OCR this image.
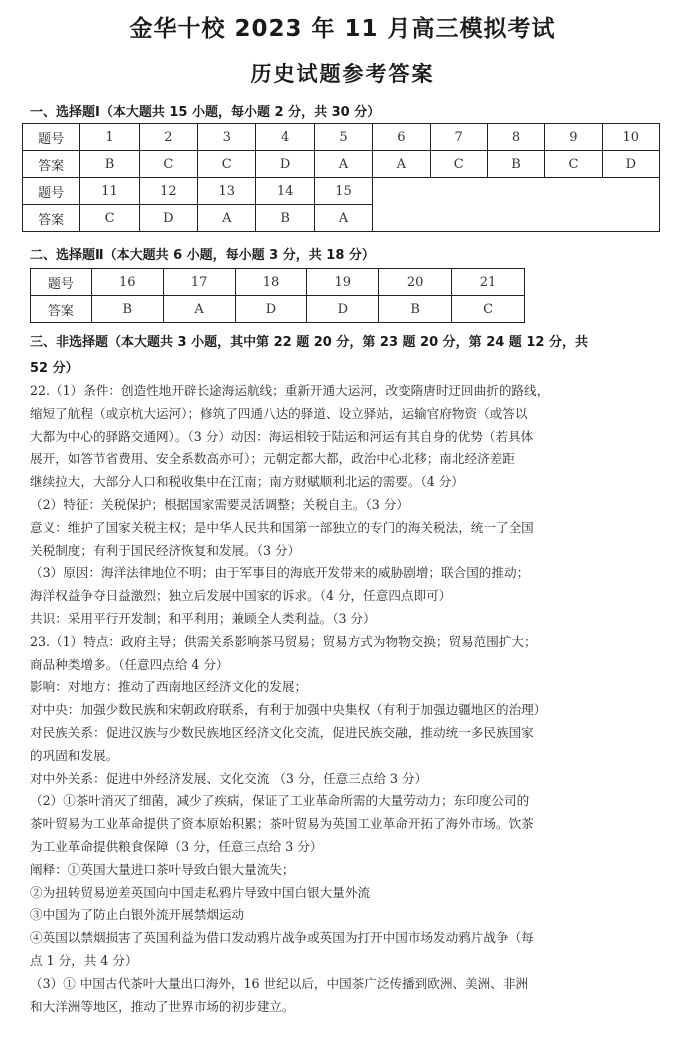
金华十校 2023 年 11 月高三模拟考试
历史试题参考答案
一、选择题Ⅰ（本大题共 15 小题，每小题 2 分，共 30 分）
题号	1	2	3	4	5	6	7	8	9	10
答案	B	C	C	D	A	A	C	B	C	D
题号	11	12	13	14	15					
答案	C	D	A	B	A					
二、选择题Ⅱ（本大题共 6 小题，每小题 3 分，共 18 分）
题号	16	17	18	19	20	21
答案	B	A	D	D	B	C
三、非选择题（本大题共 3 小题，其中第 22 题 20 分，第 23 题 20 分，第 24 题 12 分，共
52 分）

22.（1）条件：创造性地开辟长途海运航线；重新开通大运河，改变隋唐时迂回曲折的路线，

缩短了航程（或京杭大运河）；修筑了四通八达的驿道、设立驿站，运输官府物资（或答以

大都为中心的驿路交通网）。（3 分）动因：海运相较于陆运和河运有其自身的优势（若具体

展开，如答节省费用、安全系数高亦可）；元朝定都大都，政治中心北移；南北经济差距

继续拉大，大部分人口和税收集中在江南；南方财赋顺利北运的需要。（4 分）

（2）特征：关税保护；根据国家需要灵活调整；关税自主。（3 分）

意义：维护了国家关税主权；是中华人民共和国第一部独立的专门的海关税法，统一了全国

关税制度；有利于国民经济恢复和发展。（3 分）

（3）原因：海洋法律地位不明；由于军事目的海底开发带来的威胁剧增；联合国的推动；

海洋权益争夺日益激烈；独立后发展中国家的诉求。（4 分，任意四点即可）

共识：采用平行开发制；和平利用；兼顾全人类利益。（3 分）

23.（1）特点：政府主导；供需关系影响茶马贸易；贸易方式为物物交换；贸易范围扩大；

商品种类增多。（任意四点给 4 分）

影响：对地方：推动了西南地区经济文化的发展；

对中央：加强少数民族和宋朝政府联系，有利于加强中央集权（有利于加强边疆地区的治理）

对民族关系：促进汉族与少数民族地区经济文化交流，促进民族交融，推动统一多民族国家

的巩固和发展。

对中外关系：促进中外经济发展、文化交流 （3 分，任意三点给 3 分）

（2）①茶叶消灭了细菌，减少了疾病，保证了工业革命所需的大量劳动力；东印度公司的

茶叶贸易为工业革命提供了资本原始积累；茶叶贸易为英国工业革命开拓了海外市场。饮茶

为工业革命提供粮食保障（3 分，任意三点给 3 分）

阐释：①英国大量进口茶叶导致白银大量流失；

②为扭转贸易逆差英国向中国走私鸦片导致中国白银大量外流

③中国为了防止白银外流开展禁烟运动

④英国以禁烟损害了英国利益为借口发动鸦片战争或英国为打开中国市场发动鸦片战争（每

点 1 分，共 4 分）

（3）① 中国古代茶叶大量出口海外，16 世纪以后，中国茶广泛传播到欧洲、美洲、非洲

和大洋洲等地区，推动了世界市场的初步建立。
